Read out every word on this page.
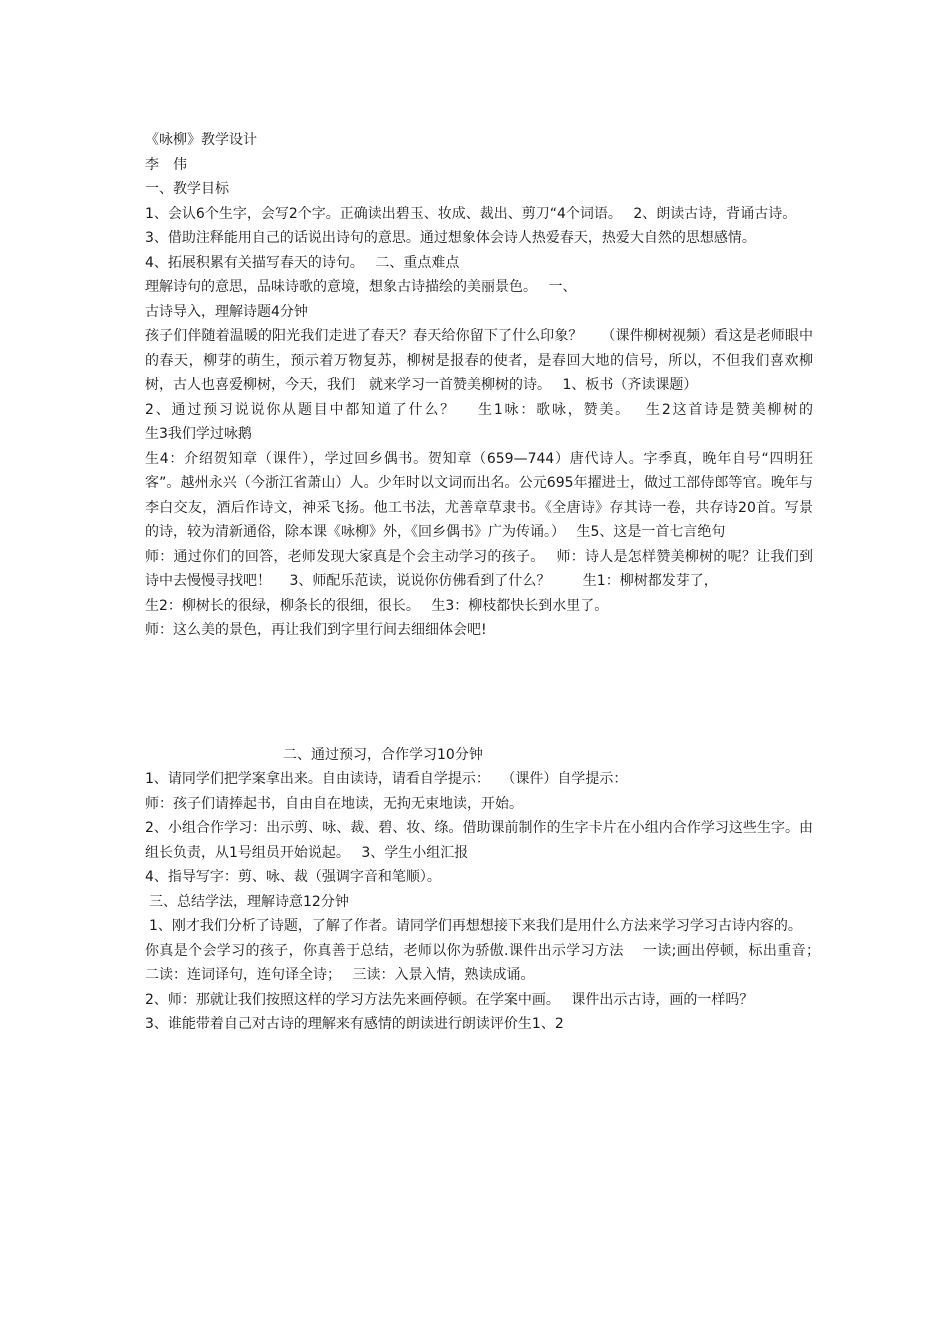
《咏柳》教学设计

李　伟

一、教学目标

1、会认6个生字，会写2个字。正确读出碧玉、妆成、裁出、剪刀“4个词语。　 2、朗读古诗，背诵古诗。

3、借助注释能用自己的话说出诗句的意思。通过想象体会诗人热爱春天，热爱大自然的思想感情。

4、拓展积累有关描写春天的诗句。　 二、重点难点

理解诗句的意思，品味诗歌的意境，想象古诗描绘的美丽景色。　 一、

古诗导入，理解诗题4分钟

孩子们伴随着温暖的阳光我们走进了春天？春天给你留下了什么印象？　 （课件柳树视频）看这是老师眼中的春天，柳芽的萌生，预示着万物复苏，柳树是报春的使者，是春回大地的信号，所以，不但我们喜欢柳树，古人也喜爱柳树，今天，我们　就来学习一首赞美柳树的诗。　 1、板书（齐读课题）

2、通过预习说说你从题目中都知道了什么？　 生1咏：歌咏，赞美。　 生2这首诗是赞美柳树的　　　　　　 生3我们学过咏鹅

生4：介绍贺知章（课件），学过回乡偶书。贺知章（659—744）唐代诗人。字季真，晚年自号“四明狂客”。越州永兴（今浙江省萧山）人。少年时以文词而出名。公元695年擢进士，做过工部侍郎等官。晚年与李白交友，酒后作诗文，神采飞扬。他工书法，尤善章草隶书。《全唐诗》存其诗一卷，共存诗20首。写景的诗，较为清新通俗，除本课《咏柳》外，《回乡偶书》广为传诵。）　 生5、这是一首七言绝句

师：通过你们的回答，老师发现大家真是个会主动学习的孩子。　 师：诗人是怎样赞美柳树的呢？让我们到诗中去慢慢寻找吧！　 3、师配乐范读，说说你仿佛看到了什么？　　 生1：柳树都发芽了，

生2：柳树长的很绿，柳条长的很细，很长。　 生3：柳枝都快长到水里了。

师：这么美的景色，再让我们到字里行间去细细体会吧!

二、通过预习，合作学习10分钟

1、请同学们把学案拿出来。自由读诗，请看自学提示：　 （课件）自学提示：

师：孩子们请捧起书，自由自在地读，无拘无束地读，开始。

2、小组合作学习：出示剪、咏、裁、碧、妆、绦。借助课前制作的生字卡片在小组内合作学习这些生字。由组长负责，从1号组员开始说起。　 3、学生小组汇报

4、指导写字：剪、咏、裁（强调字音和笔顺）。

三、总结学法，理解诗意12分钟

1、刚才我们分析了诗题，了解了作者。请同学们再想想接下来我们是用什么方法来学习学习古诗内容的。

你真是个会学习的孩子，你真善于总结，老师以你为骄傲.课件出示学习方法　 一读;画出停顿，标出重音；　 二读：连词译句，连句译全诗；　 三读：入景入情，熟读成诵。

2、师：那就让我们按照这样的学习方法先来画停顿。在学案中画。　 课件出示古诗，画的一样吗？

3、谁能带着自己对古诗的理解来有感情的朗读进行朗读评价生1、2
